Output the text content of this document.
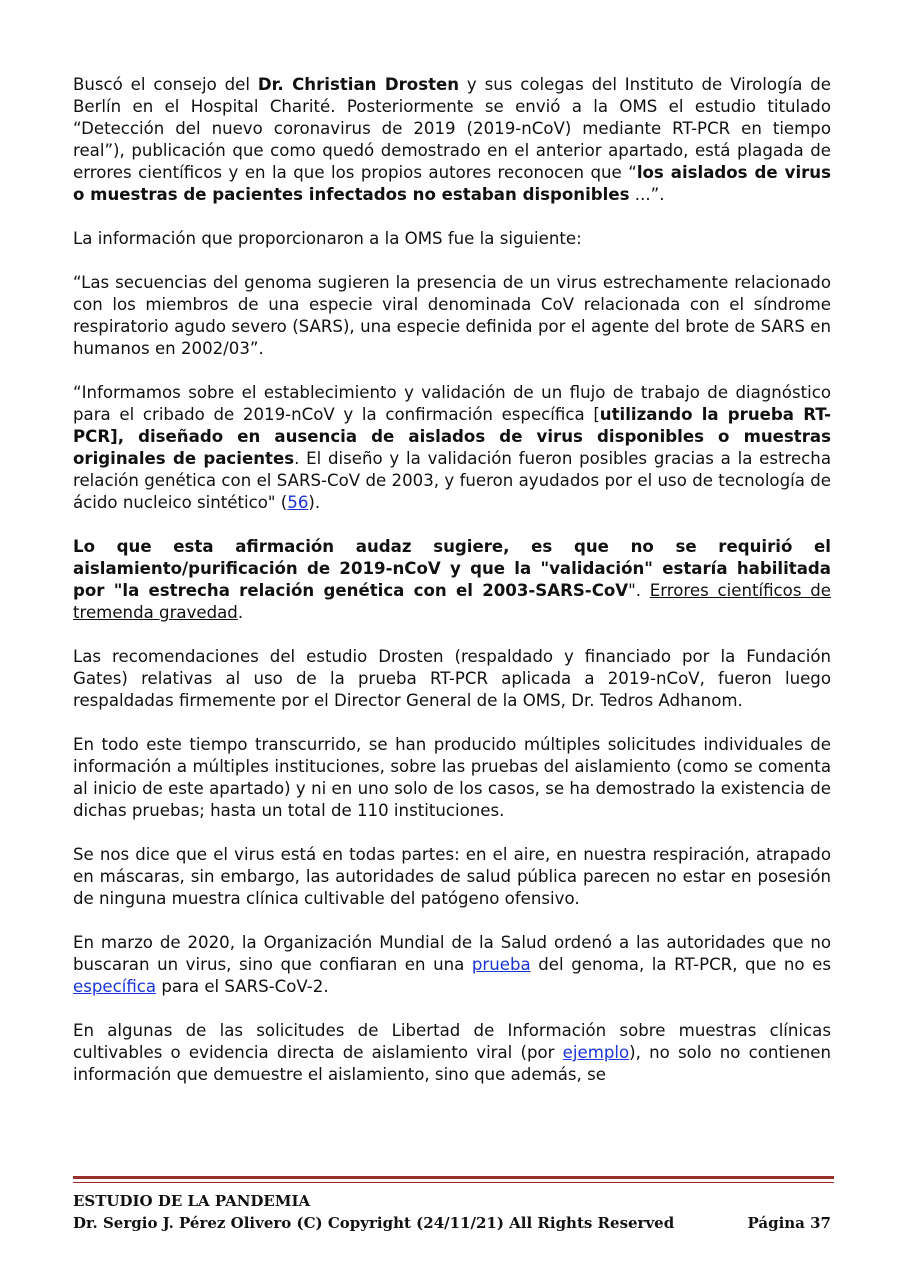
Buscó el consejo del Dr. Christian Drosten y sus colegas del Instituto de Virología de Berlín en el Hospital Charité. Posteriormente se envió a la OMS el estudio titulado “Detección del nuevo coronavirus de 2019 (2019-nCoV) mediante RT-PCR en tiempo real”), publicación que como quedó demostrado en el anterior apartado, está plagada de errores científicos y en la que los propios autores reconocen que “los aislados de virus o muestras de pacientes infectados no estaban disponibles ...”.

La información que proporcionaron a la OMS fue la siguiente:

“Las secuencias del genoma sugieren la presencia de un virus estrechamente relacionado con los miembros de una especie viral denominada CoV relacionada con el síndrome respiratorio agudo severo (SARS), una especie definida por el agente del brote de SARS en humanos en 2002/03”.

“Informamos sobre el establecimiento y validación de un flujo de trabajo de diagnóstico para el cribado de 2019-nCoV y la confirmación específica [utilizando la prueba RT-PCR], diseñado en ausencia de aislados de virus disponibles o muestras originales de pacientes. El diseño y la validación fueron posibles gracias a la estrecha relación genética con el SARS-CoV de 2003, y fueron ayudados por el uso de tecnología de ácido nucleico sintético" (56).

Lo que esta afirmación audaz sugiere, es que no se requirió el aislamiento/purificación de 2019-nCoV y que la "validación" estaría habilitada por "la estrecha relación genética con el 2003-SARS-CoV". Errores científicos de tremenda gravedad.

Las recomendaciones del estudio Drosten (respaldado y financiado por la Fundación Gates) relativas al uso de la prueba RT-PCR aplicada a 2019-nCoV, fueron luego respaldadas firmemente por el Director General de la OMS, Dr. Tedros Adhanom.

En todo este tiempo transcurrido, se han producido múltiples solicitudes individuales de información a múltiples instituciones, sobre las pruebas del aislamiento (como se comenta al inicio de este apartado) y ni en uno solo de los casos, se ha demostrado la existencia de dichas pruebas; hasta un total de 110 instituciones.

Se nos dice que el virus está en todas partes: en el aire, en nuestra respiración, atrapado en máscaras, sin embargo, las autoridades de salud pública parecen no estar en posesión de ninguna muestra clínica cultivable del patógeno ofensivo.

En marzo de 2020, la Organización Mundial de la Salud ordenó a las autoridades que no buscaran un virus, sino que confiaran en una prueba del genoma, la RT-PCR, que no es específica para el SARS-CoV-2.

En algunas de las solicitudes de Libertad de Información sobre muestras clínicas cultivables o evidencia directa de aislamiento viral (por ejemplo), no solo no contienen información que demuestre el aislamiento, sino que además, se

ESTUDIO DE LA PANDEMIA
Dr. Sergio J. Pérez Olivero (C) Copyright (24/11/21) All Rights Reserved	Página 37
